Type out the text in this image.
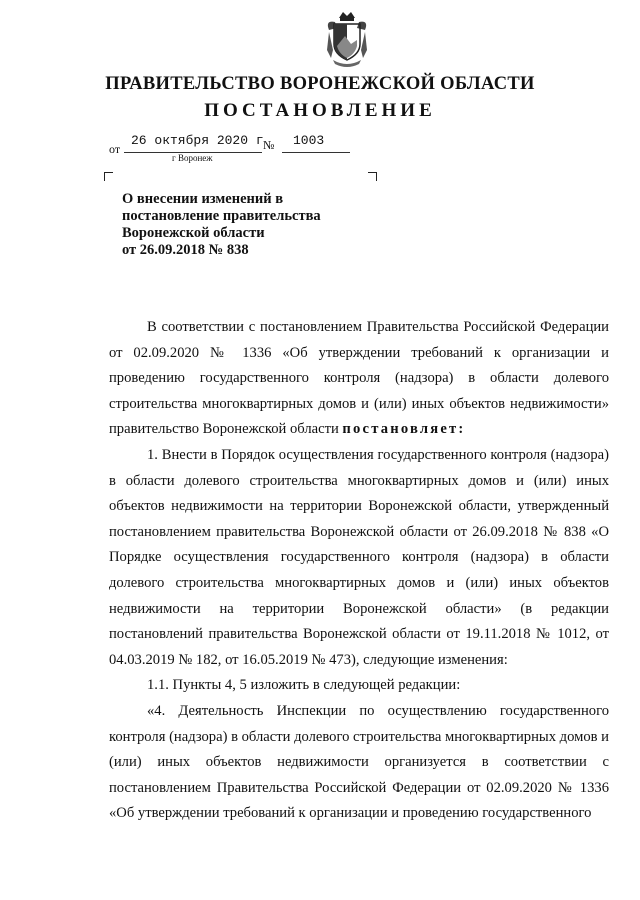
ПРАВИТЕЛЬСТВО ВОРОНЕЖСКОЙ ОБЛАСТИ
ПОСТАНОВЛЕНИЕ
от
26 октября 2020 г № 1003
г Воронеж
О внесении изменений в
постановление правительства
Воронежской области
от 26.09.2018 № 838

В соответствии с постановлением Правительства Российской Федерации от 02.09.2020 № 1336 «Об утверждении требований к организации и проведению государственного контроля (надзора) в области долевого строительства многоквартирных домов и (или) иных объектов недвижимости» правительство Воронежской области постановляет:

1. Внести в Порядок осуществления государственного контроля (надзора) в области долевого строительства многоквартирных домов и (или) иных объектов недвижимости на территории Воронежской области, утвержденный постановлением правительства Воронежской области от 26.09.2018 № 838 «О Порядке осуществления государственного контроля (надзора) в области долевого строительства многоквартирных домов и (или) иных объектов недвижимости на территории Воронежской области» (в редакции постановлений правительства Воронежской области от 19.11.2018 № 1012, от 04.03.2019 № 182, от 16.05.2019 № 473), следующие изменения:

1.1. Пункты 4, 5 изложить в следующей редакции:

«4. Деятельность Инспекции по осуществлению государственного контроля (надзора) в области долевого строительства многоквартирных домов и (или) иных объектов недвижимости организуется в соответствии с постановлением Правительства Российской Федерации от 02.09.2020 № 1336 «Об утверждении требований к организации и проведению государственного
